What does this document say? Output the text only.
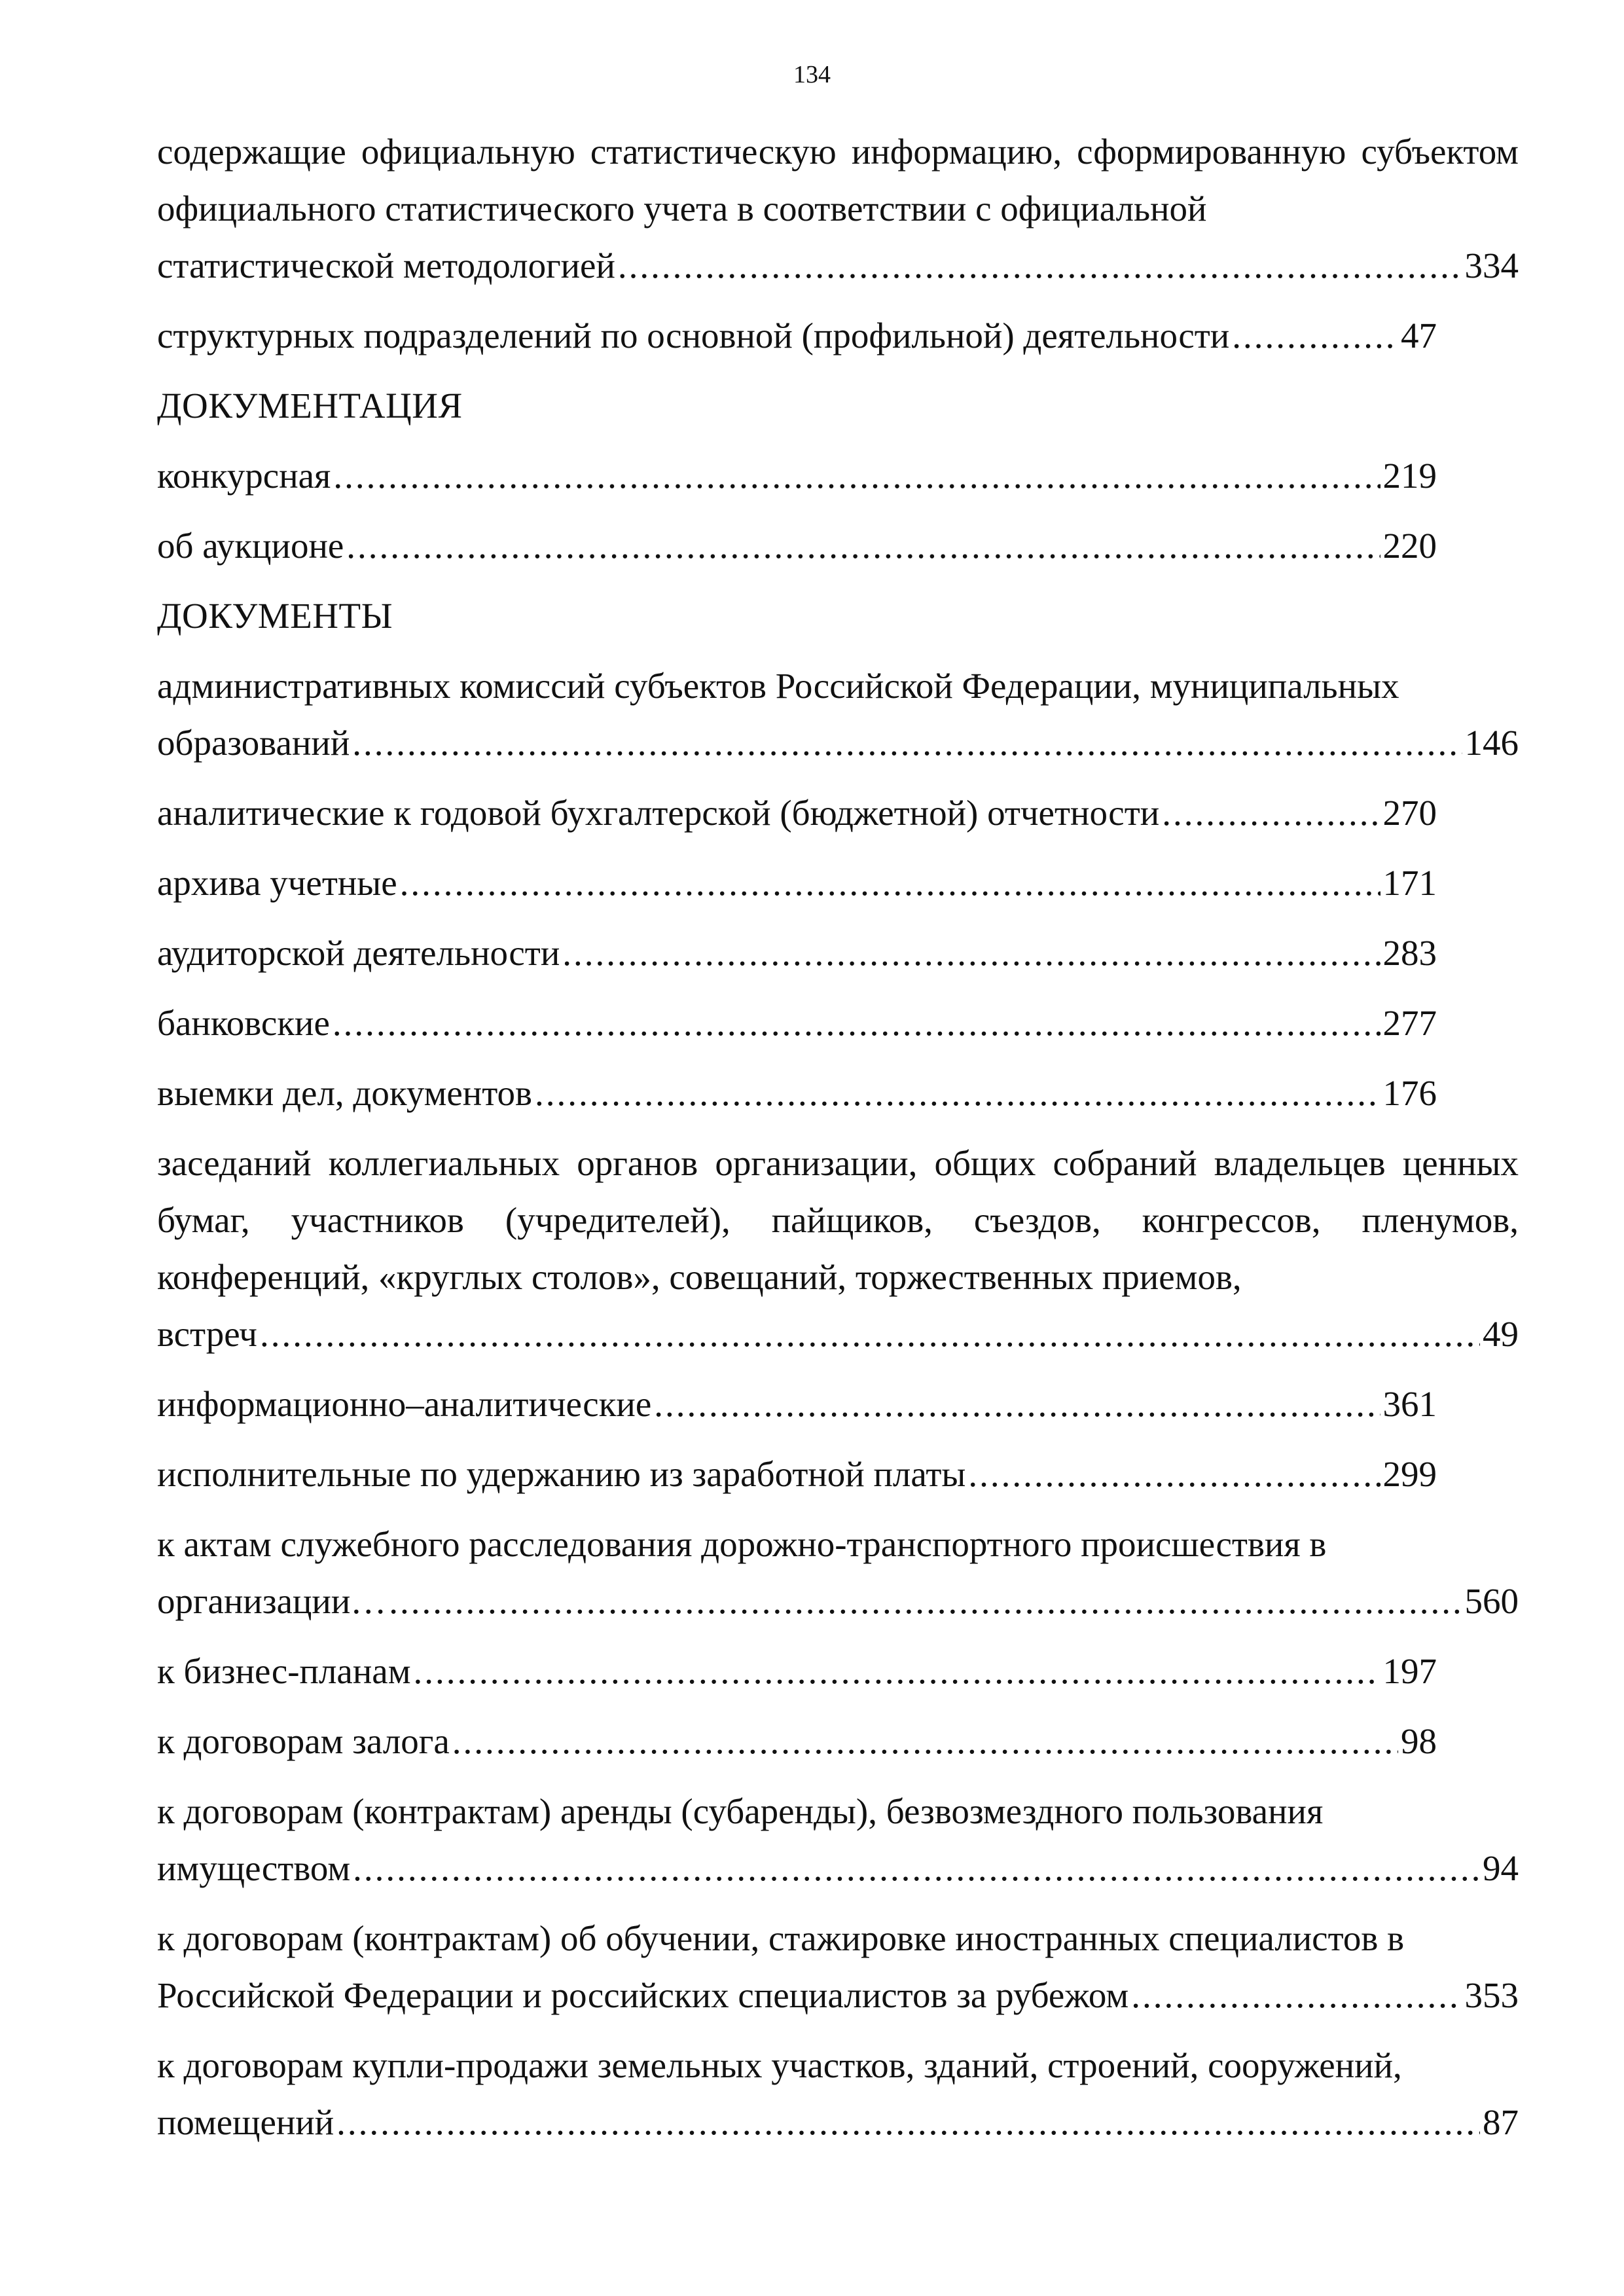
134
содержащие официальную статистическую информацию, сформированную субъектом официального статистического учета в соответствии с официальной
статистической методологией .....	334
структурных подразделений по основной (профильной) деятельности .....	47
ДОКУМЕНТАЦИЯ
конкурсная .....	219
об аукционе .....	220
ДОКУМЕНТЫ
административных комиссий субъектов Российской Федерации, муниципальных
образований .....	146
аналитические к годовой бухгалтерской (бюджетной) отчетности .....	270
архива учетные .....	171
аудиторской деятельности .....	283
банковские .....	277
выемки дел, документов .....	176
заседаний коллегиальных органов организации, общих собраний владельцев ценных бумаг, участников (учредителей), пайщиков, съездов, конгрессов, пленумов, конференций, «круглых столов», совещаний, торжественных приемов,
встреч .....	49
информационно–аналитические .....	361
исполнительные по удержанию из заработной платы .....	299
к актам служебного расследования дорожно-транспортного происшествия в
организации… .....	560
к бизнес-планам .....	197
к договорам залога .....	98
к договорам (контрактам) аренды (субаренды), безвозмездного пользования
имуществом .....	94
к договорам (контрактам) об обучении, стажировке иностранных специалистов в
Российской Федерации и российских специалистов за рубежом .....	353
к договорам купли-продажи земельных участков, зданий, строений, сооружений,
помещений .....	87
